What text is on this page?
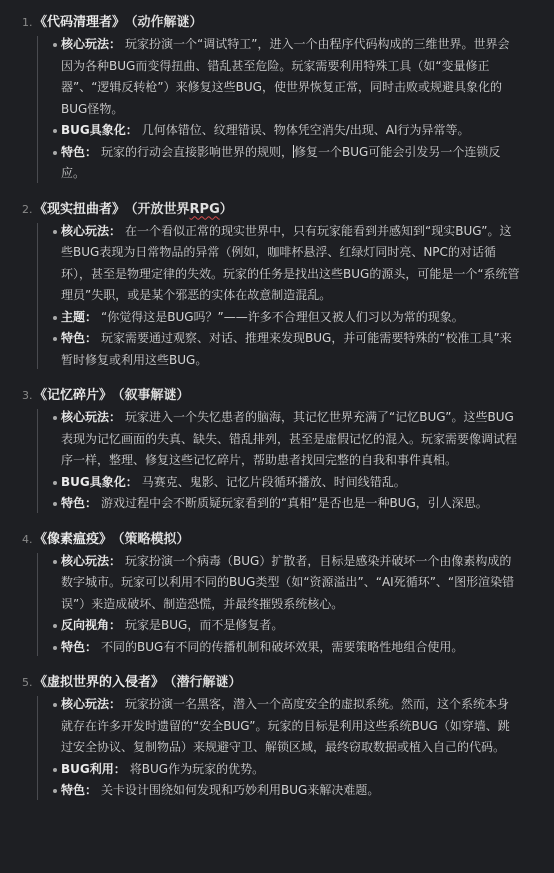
1. 《代码清理者》 （动作解谜）
核心玩法： 玩家扮演一个“调试特工”，进入一个由程序代码构成的三维世界。世界会因为各种BUG而变得扭曲、错乱甚至危险。玩家需要利用特殊工具（如“变量修正器”、“逻辑反转枪”）来修复这些BUG，使世界恢复正常，同时击败或规避具象化的BUG怪物。
BUG具象化： 几何体错位、纹理错误、物体凭空消失/出现、AI行为异常等。
特色： 玩家的行动会直接影响世界的规则，修复一个BUG可能会引发另一个连锁反应。
2. 《现实扭曲者》 （开放世界RPG）
核心玩法： 在一个看似正常的现实世界中，只有玩家能看到并感知到“现实BUG”。这些BUG表现为日常物品的异常（例如，咖啡杯悬浮、红绿灯同时亮、NPC的对话循环），甚至是物理定律的失效。玩家的任务是找出这些BUG的源头，可能是一个“系统管理员”失职，或是某个邪恶的实体在故意制造混乱。
主题： “你觉得这是BUG吗？”——许多不合理但又被人们习以为常的现象。
特色： 玩家需要通过观察、对话、推理来发现BUG，并可能需要特殊的“校准工具”来暂时修复或利用这些BUG。
3. 《记忆碎片》 （叙事解谜）
核心玩法： 玩家进入一个失忆患者的脑海，其记忆世界充满了“记忆BUG”。这些BUG表现为记忆画面的失真、缺失、错乱排列，甚至是虚假记忆的混入。玩家需要像调试程序一样，整理、修复这些记忆碎片，帮助患者找回完整的自我和事件真相。
BUG具象化： 马赛克、鬼影、记忆片段循环播放、时间线错乱。
特色： 游戏过程中会不断质疑玩家看到的“真相”是否也是一种BUG，引人深思。
4. 《像素瘟疫》 （策略模拟）
核心玩法： 玩家扮演一个病毒（BUG）扩散者，目标是感染并破坏一个由像素构成的数字城市。玩家可以利用不同的BUG类型（如“资源溢出”、“AI死循环”、“图形渲染错误”）来造成破坏、制造恐慌，并最终摧毁系统核心。
反向视角： 玩家是BUG，而不是修复者。
特色： 不同的BUG有不同的传播机制和破坏效果，需要策略性地组合使用。
5. 《虚拟世界的入侵者》 （潜行解谜）
核心玩法： 玩家扮演一名黑客，潜入一个高度安全的虚拟系统。然而，这个系统本身就存在许多开发时遗留的“安全BUG”。玩家的目标是利用这些系统BUG（如穿墙、跳过安全协议、复制物品）来规避守卫、解锁区域，最终窃取数据或植入自己的代码。
BUG利用： 将BUG作为玩家的优势。
特色： 关卡设计围绕如何发现和巧妙利用BUG来解决难题。
